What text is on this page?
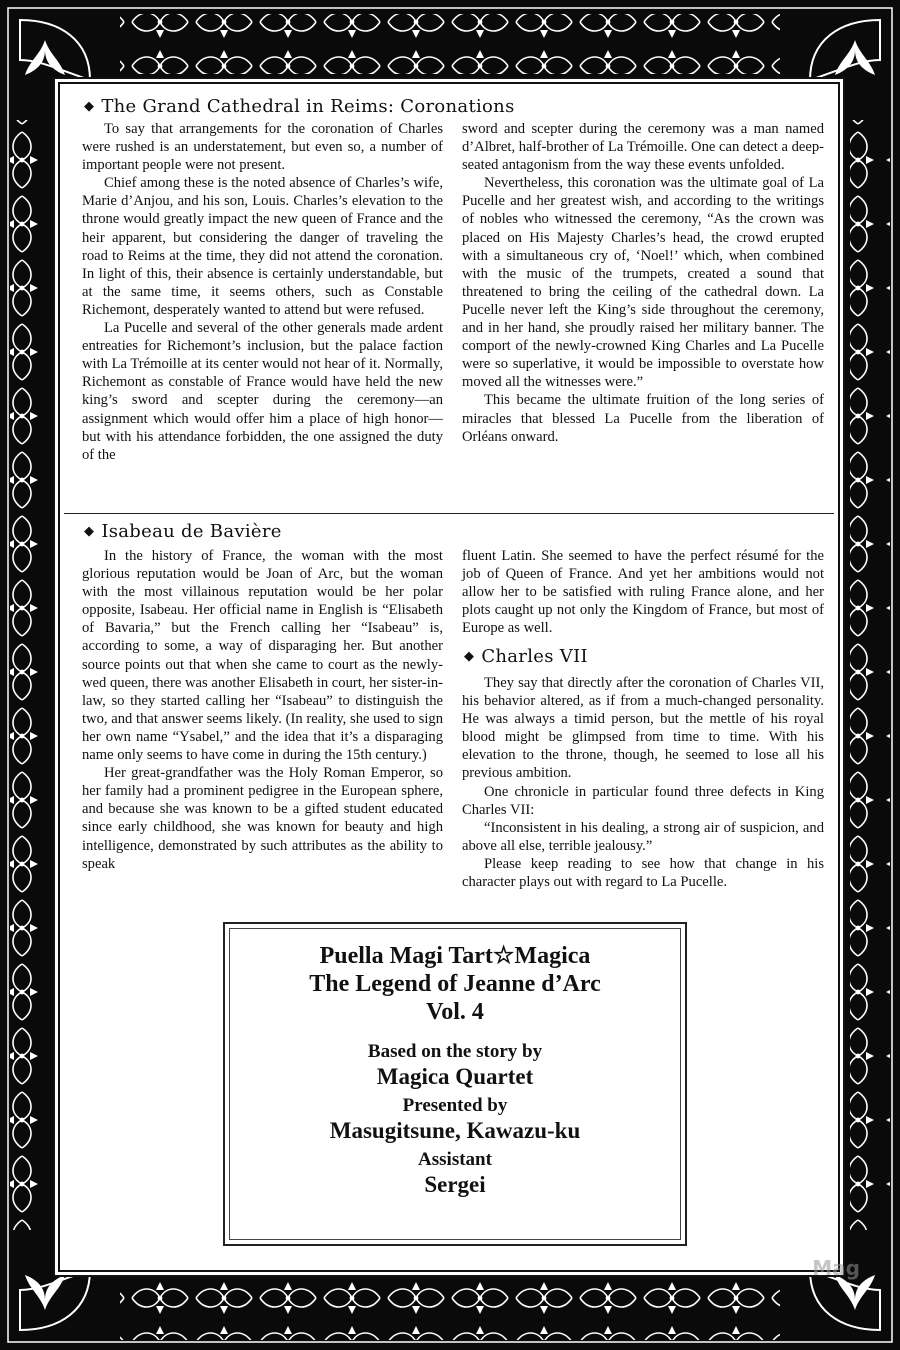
◆ The Grand Cathedral in Reims: Coronations

To say that arrangements for the coronation of Charles were rushed is an understatement, but even so, a number of important people were not present.

Chief among these is the noted absence of Charles’s wife, Marie d’Anjou, and his son, Louis. Charles’s elevation to the throne would greatly impact the new queen of France and the heir apparent, but considering the danger of traveling the road to Reims at the time, they did not attend the coronation. In light of this, their absence is certainly understandable, but at the same time, it seems others, such as Constable Richemont, desperately wanted to attend but were refused.

La Pucelle and several of the other generals made ardent entreaties for Richemont’s inclusion, but the palace faction with La Trémoille at its center would not hear of it. Normally, Richemont as constable of France would have held the new king’s sword and scepter during the ceremony—an assignment which would offer him a place of high honor—but with his attendance forbidden, the one assigned the duty of the

sword and scepter during the ceremony was a man named d’Albret, half-brother of La Trémoille. One can detect a deep-seated antagonism from the way these events unfolded.

Nevertheless, this coronation was the ultimate goal of La Pucelle and her greatest wish, and according to the writings of nobles who witnessed the ceremony, “As the crown was placed on His Majesty Charles’s head, the crowd erupted with a simultaneous cry of, ‘Noel!’ which, when combined with the music of the trumpets, created a sound that threatened to bring the ceiling of the cathedral down. La Pucelle never left the King’s side throughout the ceremony, and in her hand, she proudly raised her military banner. The comport of the newly-crowned King Charles and La Pucelle were so superlative, it would be impossible to overstate how moved all the witnesses were.”

This became the ultimate fruition of the long series of miracles that blessed La Pucelle from the liberation of Orléans onward.

◆ Isabeau de Bavière

In the history of France, the woman with the most glorious reputation would be Joan of Arc, but the woman with the most villainous reputation would be her polar opposite, Isabeau. Her official name in English is “Elisabeth of Bavaria,” but the French calling her “Isabeau” is, according to some, a way of disparaging her. But another source points out that when she came to court as the newly-wed queen, there was another Elisabeth in court, her sister-in-law, so they started calling her “Isabeau” to distinguish the two, and that answer seems likely. (In reality, she used to sign her own name “Ysabel,” and the idea that it’s a disparaging name only seems to have come in during the 15th century.)

Her great-grandfather was the Holy Roman Emperor, so her family had a prominent pedigree in the European sphere, and because she was known to be a gifted student educated since early childhood, she was known for beauty and high intelligence, demonstrated by such attributes as the ability to speak

fluent Latin. She seemed to have the perfect résumé for the job of Queen of France. And yet her ambitions would not allow her to be satisfied with ruling France alone, and her plots caught up not only the Kingdom of France, but most of Europe as well.

◆ Charles VII

They say that directly after the coronation of Charles VII, his behavior altered, as if from a much-changed personality. He was always a timid person, but the mettle of his royal blood might be glimpsed from time to time. With his elevation to the throne, though, he seemed to lose all his previous ambition.

One chronicle in particular found three defects in King Charles VII:

“Inconsistent in his dealing, a strong air of suspicion, and above all else, terrible jealousy.”

Please keep reading to see how that change in his character plays out with regard to La Pucelle.

Puella Magi Tart☆Magica
The Legend of Jeanne d’Arc
Vol. 4
Based on the story by
Magica Quartet
Presented by
Masugitsune, Kawazu-ku
Assistant
Sergei
Mag
